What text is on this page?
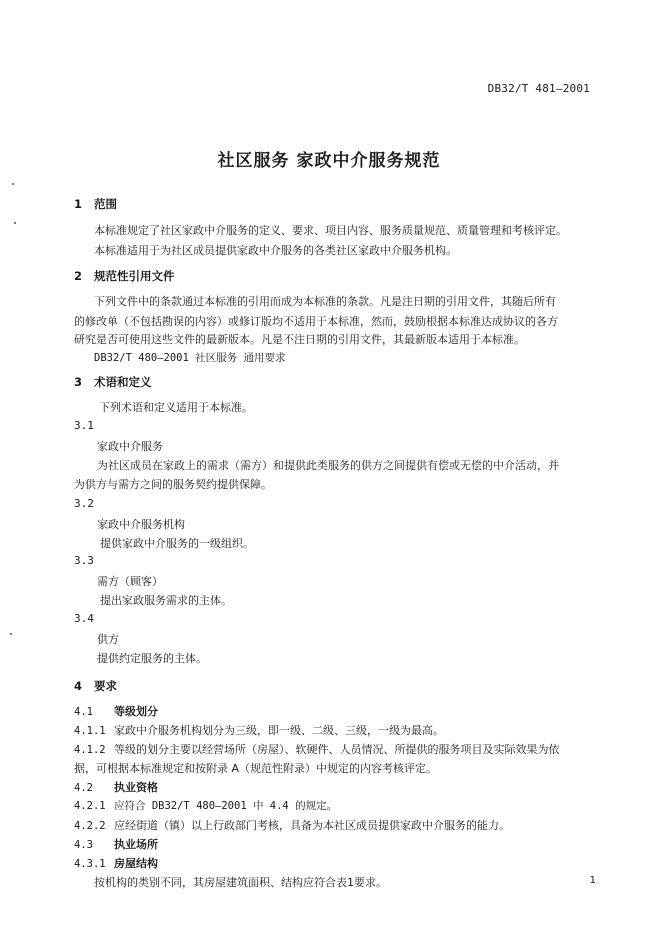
DB32/T 481—2001
社区服务 家政中介服务规范
1 范围
本标准规定了社区家政中介服务的定义、要求、项目内容、服务质量规范、质量管理和考核评定。
本标准适用于为社区成员提供家政中介服务的各类社区家政中介服务机构。
2 规范性引用文件
下列文件中的条款通过本标准的引用而成为本标准的条款。凡是注日期的引用文件，其随后所有
的修改单（不包括勘误的内容）或修订版均不适用于本标准，然而，鼓励根据本标准达成协议的各方
研究是否可使用这些文件的最新版本。凡是不注日期的引用文件，其最新版本适用于本标准。
DB32/T 480—2001 社区服务 通用要求
3 术语和定义
下列术语和定义适用于本标准。
3.1
家政中介服务
为社区成员在家政上的需求（需方）和提供此类服务的供方之间提供有偿或无偿的中介活动，并
为供方与需方之间的服务契约提供保障。
3.2
家政中介服务机构
提供家政中介服务的一级组织。
3.3
需方（顾客）
提出家政服务需求的主体。
3.4
供方
提供约定服务的主体。
4 要求
4.1 等级划分
4.1.1 家政中介服务机构划分为三级，即一级、二级、三级，一级为最高。
4.1.2 等级的划分主要以经营场所（房屋）、软硬件、人员情况、所提供的服务项目及实际效果为依
据，可根据本标准规定和按附录 A（规范性附录）中规定的内容考核评定。
4.2 执业资格
4.2.1 应符合 DB32/T 480—2001 中 4.4 的规定。
4.2.2 应经街道（镇）以上行政部门考核，具备为本社区成员提供家政中介服务的能力。
4.3 执业场所
4.3.1 房屋结构
按机构的类别不同，其房屋建筑面积、结构应符合表1要求。	1
